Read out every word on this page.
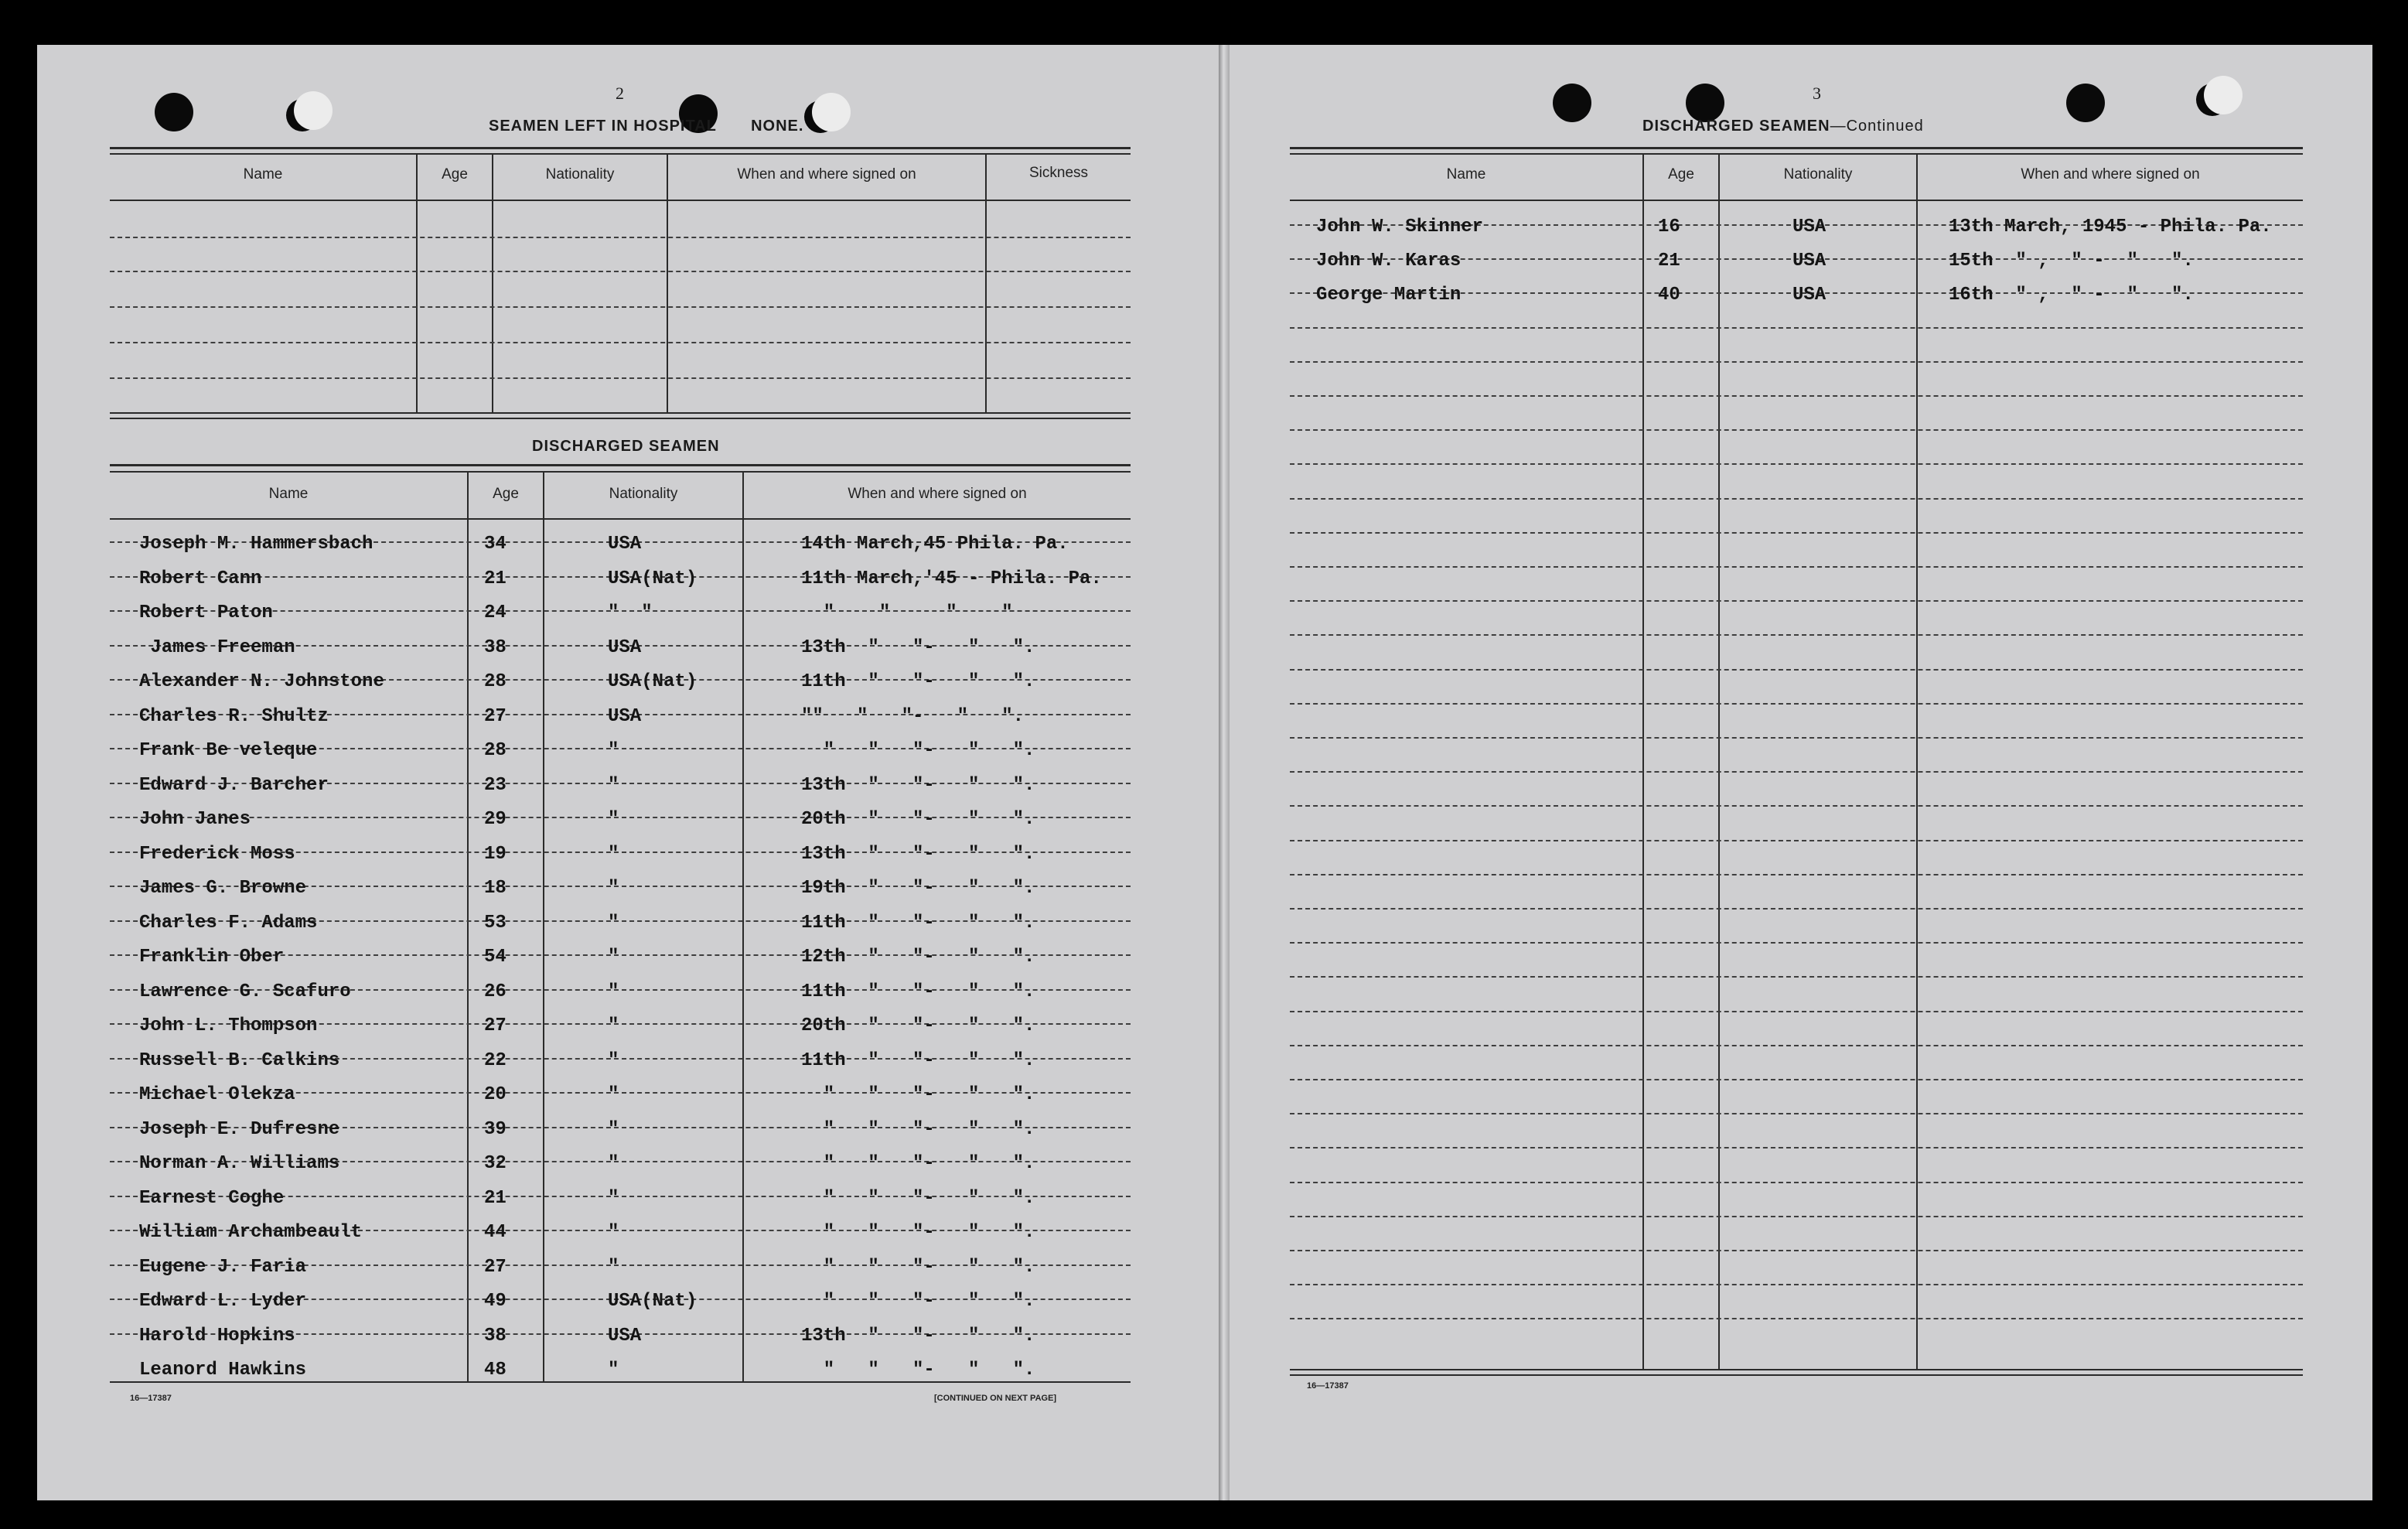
2
SEAMEN LEFT IN HOSPITAL NONE.
Name	Age	Nationality	When and where signed on	Sickness
DISCHARGED SEAMEN
Name	Age	Nationality	When and where signed on
Joseph M. Hammersbach	34	USA	14th March,45 Phila. Pa.
Robert Cann	21	USA(Nat)	11th March,'45 - Phila. Pa.
Robert Paton	24	"  "	"    "     "    "
James Freeman	38	USA	13th  "   "-   "   ".
Alexander N. Johnstone	28	USA(Nat)	11th  "   "-   "   ".
Charles R. Shultz	27	USA	""   "   "-   "   ".
Frank Be veleque	28	"	"   "   "-   "   ".
Edward J. Barcher	23	"	13th  "   "-   "   ".
John Janes	29	"	20th  "   "-   "   ".
Frederick Moss	19	"	13th  "   "-   "   ".
James G. Browne	18	"	19th  "   "-   "   ".
Charles F. Adams	53	"	11th  "   "-   "   ".
Franklin Ober	54	"	12th  "   "-   "   ".
Lawrence G. Scafuro	26	"	11th  "   "-   "   ".
John L. Thompson	27	"	20th  "   "-   "   ".
Russell B. Calkins	22	"	11th  "   "-   "   ".
Michael Olekza	20	"	"   "   "-   "   ".
Joseph E. Dufresne	39	"	"   "   "-   "   ".
Norman A. Williams	32	"	"   "   "-   "   ".
Earnest Coghe	21	"	"   "   "-   "   ".
William Archambeault	44	"	"   "   "-   "   ".
Eugene J. Faria	27	"	"   "   "-   "   ".
Edward L. Lyder	49	USA(Nat)	"   "   "-   "   ".
Harold Hopkins	38	USA	13th  "   "-   "   ".
Leanord Hawkins	48	"	"   "   "-   "   ".
16—17387	[CONTINUED ON NEXT PAGE]
3
DISCHARGED SEAMEN—Continued
Name	Age	Nationality	When and where signed on
John W. Skinner	16	USA	13th March, 1945 - Phila. Pa.
John W. Karas	21	USA	15th  " ,  " -  "   ".
George Martin	40	USA	16th  " ,  " -  "   ".
16—17387
